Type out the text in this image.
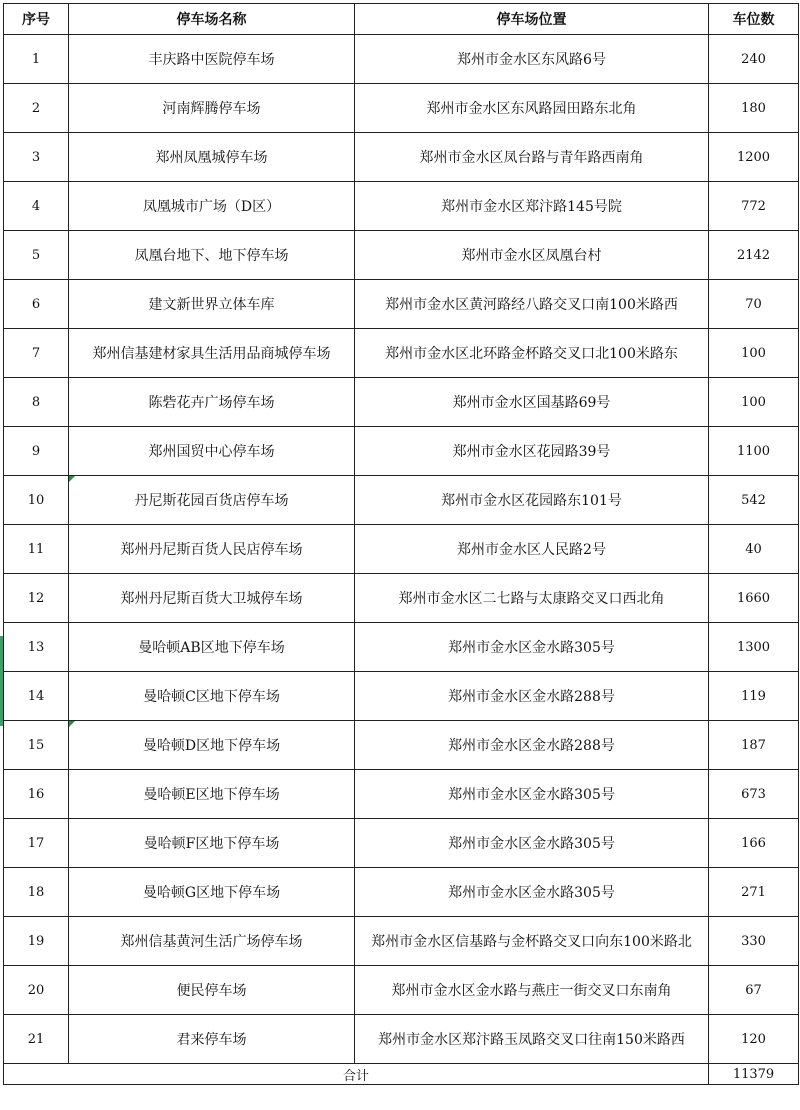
序号	停车场名称	停车场位置	车位数
1	丰庆路中医院停车场	郑州市金水区东风路6号	240
2	河南辉腾停车场	郑州市金水区东风路园田路东北角	180
3	郑州凤凰城停车场	郑州市金水区凤台路与青年路西南角	1200
4	凤凰城市广场（D区）	郑州市金水区郑汴路145号院	772
5	凤凰台地下、地下停车场	郑州市金水区凤凰台村	2142
6	建文新世界立体车库	郑州市金水区黄河路经八路交叉口南100米路西	70
7	郑州信基建材家具生活用品商城停车场	郑州市金水区北环路金杯路交叉口北100米路东	100
8	陈砦花卉广场停车场	郑州市金水区国基路69号	100
9	郑州国贸中心停车场	郑州市金水区花园路39号	1100
10	丹尼斯花园百货店停车场	郑州市金水区花园路东101号	542
11	郑州丹尼斯百货人民店停车场	郑州市金水区人民路2号	40
12	郑州丹尼斯百货大卫城停车场	郑州市金水区二七路与太康路交叉口西北角	1660
13	曼哈顿AB区地下停车场	郑州市金水区金水路305号	1300
14	曼哈顿C区地下停车场	郑州市金水区金水路288号	119
15	曼哈顿D区地下停车场	郑州市金水区金水路288号	187
16	曼哈顿E区地下停车场	郑州市金水区金水路305号	673
17	曼哈顿F区地下停车场	郑州市金水区金水路305号	166
18	曼哈顿G区地下停车场	郑州市金水区金水路305号	271
19	郑州信基黄河生活广场停车场	郑州市金水区信基路与金杯路交叉口向东100米路北	330
20	便民停车场	郑州市金水区金水路与燕庄一街交叉口东南角	67
21	君来停车场	郑州市金水区郑汴路玉凤路交叉口往南150米路西	120
合计			11379
